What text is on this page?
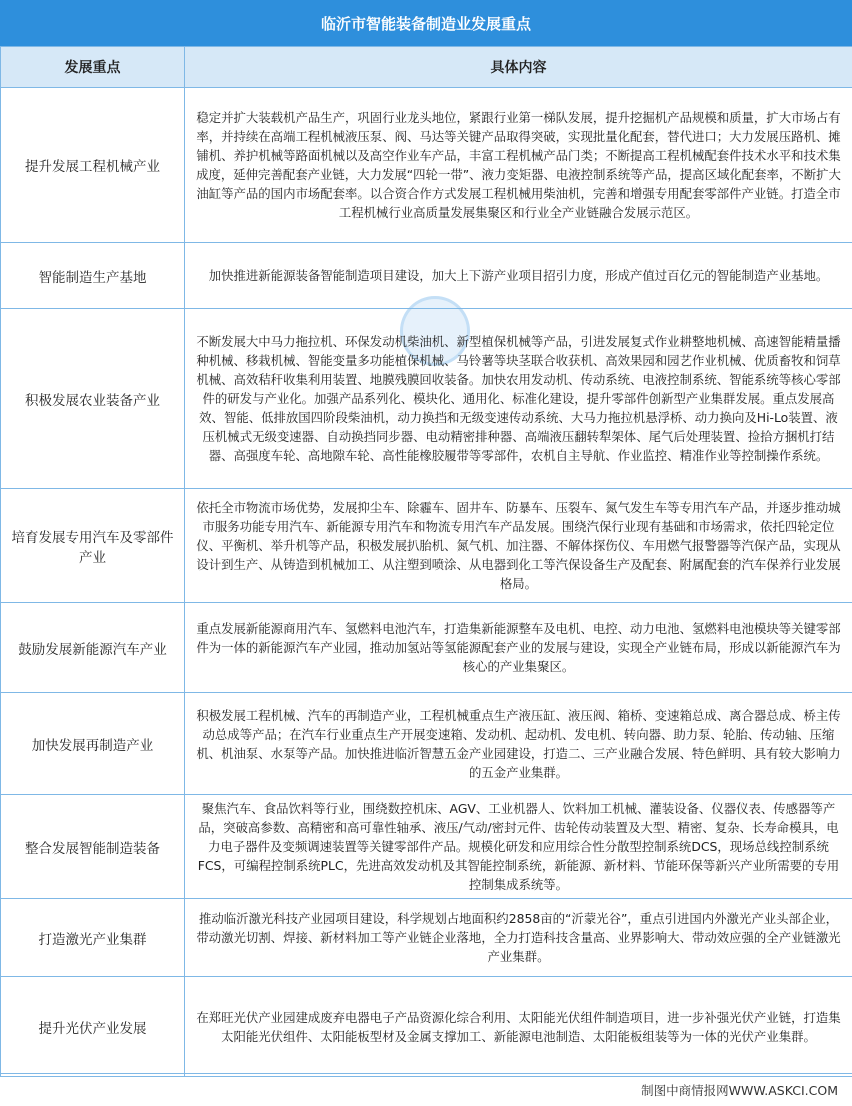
临沂市智能装备制造业发展重点
发展重点	具体内容
提升发展工程机械产业	稳定并扩大装载机产品生产，巩固行业龙头地位，紧跟行业第一梯队发展，提升挖掘机产品规模和质量，扩大市场占有率，并持续在高端工程机械液压泵、阀、马达等关键产品取得突破，实现批量化配套，替代进口；大力发展压路机、摊铺机、养护机械等路面机械以及高空作业车产品，丰富工程机械产品门类；不断提高工程机械配套件技术水平和技术集成度，延伸完善配套产业链，大力发展“四轮一带”、液力变矩器、电液控制系统等产品，提高区域化配套率，不断扩大油缸等产品的国内市场配套率。以合资合作方式发展工程机械用柴油机，完善和增强专用配套零部件产业链。打造全市工程机械行业高质量发展集聚区和行业全产业链融合发展示范区。
智能制造生产基地	加快推进新能源装备智能制造项目建设，加大上下游产业项目招引力度，形成产值过百亿元的智能制造产业基地。
积极发展农业装备产业	不断发展大中马力拖拉机、环保发动机柴油机、新型植保机械等产品，引进发展复式作业耕整地机械、高速智能精量播种机械、移栽机械、智能变量多功能植保机械、马铃薯等块茎联合收获机、高效果园和园艺作业机械、优质畜牧和饲草机械、高效秸秆收集利用装置、地膜残膜回收装备。加快农用发动机、传动系统、电液控制系统、智能系统等核心零部件的研发与产业化。加强产品系列化、模块化、通用化、标准化建设，提升零部件创新型产业集群发展。重点发展高效、智能、低排放国四阶段柴油机，动力换挡和无级变速传动系统、大马力拖拉机悬浮桥、动力换向及Hi-Lo装置、液压机械式无级变速器、自动换挡同步器、电动精密排种器、高端液压翻转犁架体、尾气后处理装置、捡拾方捆机打结器、高强度车轮、高地隙车轮、高性能橡胶履带等零部件，农机自主导航、作业监控、精准作业等控制操作系统。
培育发展专用汽车及零部件产业	依托全市物流市场优势，发展抑尘车、除霾车、固井车、防暴车、压裂车、氮气发生车等专用汽车产品，并逐步推动城市服务功能专用汽车、新能源专用汽车和物流专用汽车产品发展。围绕汽保行业现有基础和市场需求，依托四轮定位仪、平衡机、举升机等产品，积极发展扒胎机、氮气机、加注器、不解体探伤仪、车用燃气报警器等汽保产品，实现从设计到生产、从铸造到机械加工、从注塑到喷涂、从电器到化工等汽保设备生产及配套、附属配套的汽车保养行业发展格局。
鼓励发展新能源汽车产业	重点发展新能源商用汽车、氢燃料电池汽车，打造集新能源整车及电机、电控、动力电池、氢燃料电池模块等关键零部件为一体的新能源汽车产业园，推动加氢站等氢能源配套产业的发展与建设，实现全产业链布局，形成以新能源汽车为核心的产业集聚区。
加快发展再制造产业	积极发展工程机械、汽车的再制造产业，工程机械重点生产液压缸、液压阀、箱桥、变速箱总成、离合器总成、桥主传动总成等产品；在汽车行业重点生产开展变速箱、发动机、起动机、发电机、转向器、助力泵、轮胎、传动轴、压缩机、机油泵、水泵等产品。加快推进临沂智慧五金产业园建设，打造二、三产业融合发展、特色鲜明、具有较大影响力的五金产业集群。
整合发展智能制造装备	聚焦汽车、食品饮料等行业，围绕数控机床、AGV、工业机器人、饮料加工机械、灌装设备、仪器仪表、传感器等产品，突破高参数、高精密和高可靠性轴承、液压/气动/密封元件、齿轮传动装置及大型、精密、复杂、长寿命模具，电力电子器件及变频调速装置等关键零部件产品。规模化研发和应用综合性分散型控制系统DCS，现场总线控制系统FCS，可编程控制系统PLC，先进高效发动机及其智能控制系统，新能源、新材料、节能环保等新兴产业所需要的专用控制集成系统等。
打造激光产业集群	推动临沂激光科技产业园项目建设，科学规划占地面积约2858亩的“沂蒙光谷”，重点引进国内外激光产业头部企业，带动激光切割、焊接、新材料加工等产业链企业落地，全力打造科技含量高、业界影响大、带动效应强的全产业链激光产业集群。
提升光伏产业发展	在郑旺光伏产业园建成废弃电器电子产品资源化综合利用、太阳能光伏组件制造项目，进一步补强光伏产业链，打造集太阳能光伏组件、太阳能板型材及金属支撑加工、新能源电池制造、太阳能板组装等为一体的光伏产业集群。
制图中商情报网WWW.ASKCI.COM
